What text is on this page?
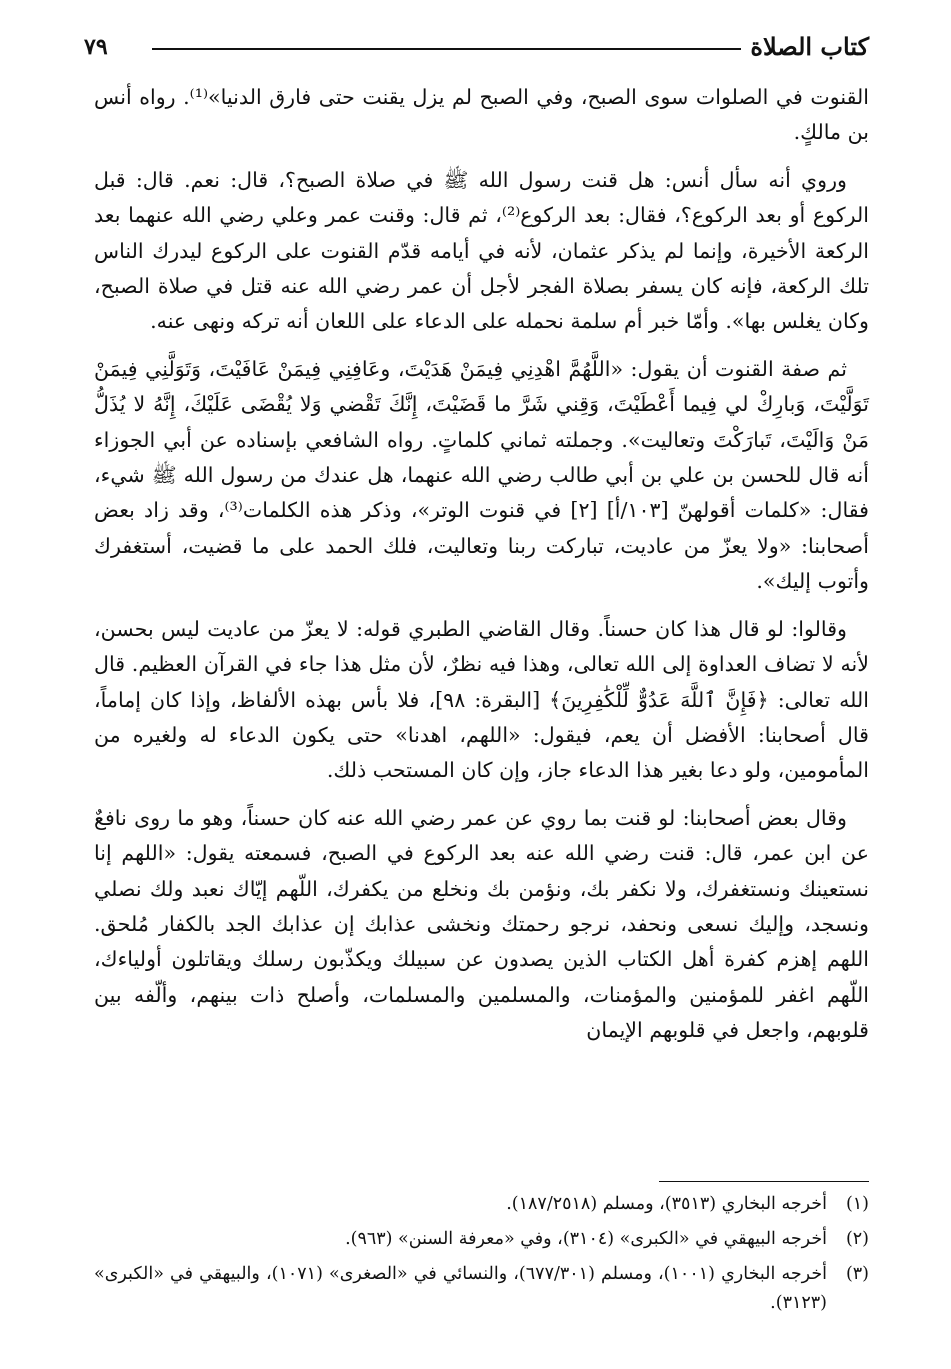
كتاب الصلاة
٧٩

القنوت في الصلوات سوى الصبح، وفي الصبح لم يزل يقنت حتى فارق الدنيا»⁽¹⁾. رواه أنس بن مالكٍ.

وروي أنه سأل أنس: هل قنت رسول الله ﷺ في صلاة الصبح؟، قال: نعم. قال: قبل الركوع أو بعد الركوع؟، فقال: بعد الركوع⁽²⁾، ثم قال: وقنت عمر وعلي رضي الله عنهما بعد الركعة الأخيرة، وإنما لم يذكر عثمان، لأنه في أيامه قدّم القنوت على الركوع ليدرك الناس تلك الركعة، فإنه كان يسفر بصلاة الفجر لأجل أن عمر رضي الله عنه قتل في صلاة الصبح، وكان يغلس بها». وأمّا خبر أم سلمة نحمله على الدعاء على اللعان أنه تركه ونهى عنه.

ثم صفة القنوت أن يقول: «اللَّهُمَّ اهْدِنِي فِيمَنْ هَدَيْتَ، وعَافِنِي فِيمَنْ عَافَيْتَ، وَتَوَلَّنِي فِيمَنْ تَوَلَّيْتَ، وَبارِكْ لي فِيما أَعْطَيْتَ، وَقِني شَرَّ ما قَضَيْتَ، إِنَّكَ تَقْضي وَلا يُقْضَى عَلَيْكَ، إِنَّهُ لا يُذَلُّ مَنْ وَالَيْتَ، تَبارَكْتَ وتعاليت». وجملته ثماني كلماتٍ. رواه الشافعي بإسناده عن أبي الجوزاء أنه قال للحسن بن علي بن أبي طالب رضي الله عنهما، هل عندك من رسول الله ﷺ شيء، فقال: «كلمات أقولهنّ [١٠٣/أ] [٢] في قنوت الوتر»، وذكر هذه الكلمات⁽³⁾، وقد زاد بعض أصحابنا: «ولا يعزّ من عاديت، تباركت ربنا وتعاليت، فلك الحمد على ما قضيت، أستغفرك وأتوب إليك».

وقالوا: لو قال هذا كان حسناً. وقال القاضي الطبري قوله: لا يعزّ من عاديت ليس بحسن، لأنه لا تضاف العداوة إلى الله تعالى، وهذا فيه نظرٌ، لأن مثل هذا جاء في القرآن العظيم. قال الله تعالى: ﴿فَإِنَّ ٱللَّهَ عَدُوٌّ لِّلْكَٰفِرِينَ﴾ [البقرة: ٩٨]، فلا بأس بهذه الألفاظ، وإذا كان إماماً، قال أصحابنا: الأفضل أن يعم، فيقول: «اللهم، اهدنا» حتى يكون الدعاء له ولغيره من المأمومين، ولو دعا بغير هذا الدعاء جاز، وإن كان المستحب ذلك.

وقال بعض أصحابنا: لو قنت بما روي عن عمر رضي الله عنه كان حسناً، وهو ما روى نافعٌ عن ابن عمر، قال: قنت رضي الله عنه بعد الركوع في الصبح، فسمعته يقول: «اللهم إنا نستعينك ونستغفرك، ولا نكفر بك، ونؤمن بك ونخلع من يكفرك، اللّهم إيّاك نعبد ولك نصلي ونسجد، وإليك نسعى ونحفد، نرجو رحمتك ونخشى عذابك إن عذابك الجد بالكفار مُلحق. اللهم إهزم كفرة أهل الكتاب الذين يصدون عن سبيلك ويكذّبون رسلك ويقاتلون أولياءك، اللّهم اغفر للمؤمنين والمؤمنات، والمسلمين والمسلمات، وأصلح ذات بينهم، وألّفه بين قلوبهم، واجعل في قلوبهم الإيمان

(١)
أخرجه البخاري (٣٥١٣)، ومسلم (١٨٧/٢٥١٨).
(٢)
أخرجه البيهقي في «الكبرى» (٣١٠٤)، وفي «معرفة السنن» (٩٦٣).
(٣)
أخرجه البخاري (١٠٠١)، ومسلم (٦٧٧/٣٠١)، والنسائي في «الصغرى» (١٠٧١)، والبيهقي في «الكبرى» (٣١٢٣).
